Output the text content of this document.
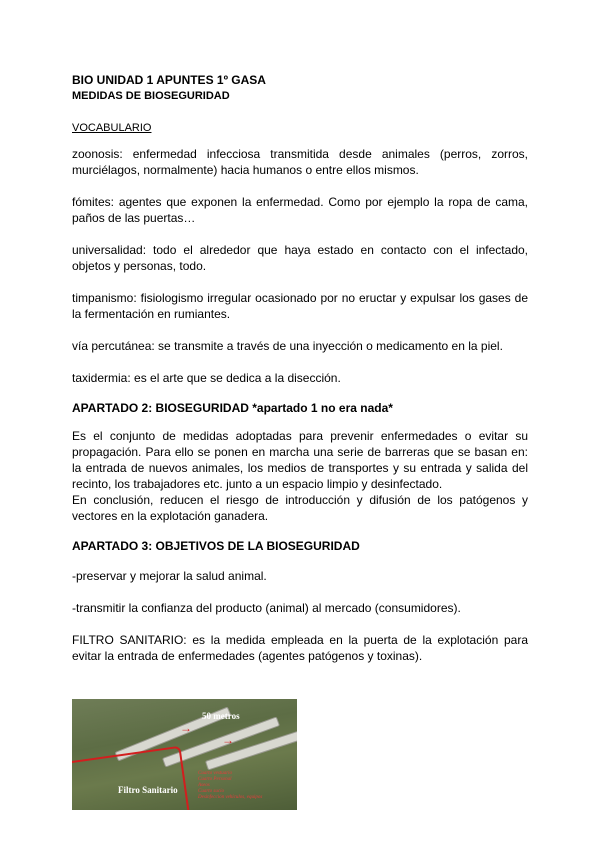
BIO UNIDAD 1 APUNTES 1º GASA
MEDIDAS DE BIOSEGURIDAD
VOCABULARIO

zoonosis: enfermedad infecciosa transmitida desde animales (perros, zorros, murciélagos, normalmente) hacia humanos o entre ellos mismos.

fómites: agentes que exponen la enfermedad. Como por ejemplo la ropa de cama, paños de las puertas…

universalidad: todo el alrededor que haya estado en contacto con el infectado, objetos y personas, todo.

timpanismo: fisiologismo irregular ocasionado por no eructar y expulsar los gases de la fermentación en rumiantes.

vía percutánea: se transmite a través de una inyección o medicamento en la piel.

taxidermia: es el arte que se dedica a la disección.

APARTADO 2: BIOSEGURIDAD *apartado 1 no era nada*
Es el conjunto de medidas adoptadas para prevenir enfermedades o evitar su propagación. Para ello se ponen en marcha una serie de barreras que se basan en: la entrada de nuevos animales, los medios de transportes y su entrada y salida del recinto, los trabajadores etc. junto a un espacio limpio y desinfectado.
En conclusión, reducen el riesgo de introducción y difusión de los patógenos y vectores en la explotación ganadera.
APARTADO 3: OBJETIVOS DE LA BIOSEGURIDAD

-preservar y mejorar la salud animal.

-transmitir la confianza del producto (animal) al mercado (consumidores).

FILTRO SANITARIO: es la medida empleada en la puerta de la explotación para evitar la entrada de enfermedades (agentes patógenos y toxinas).

→
→
50 metros
Filtro Sanitario
Cuarto vestuario
Cuarto Personal
Aseos
Cuarto sucio
Desinfección vehículos, equipos
